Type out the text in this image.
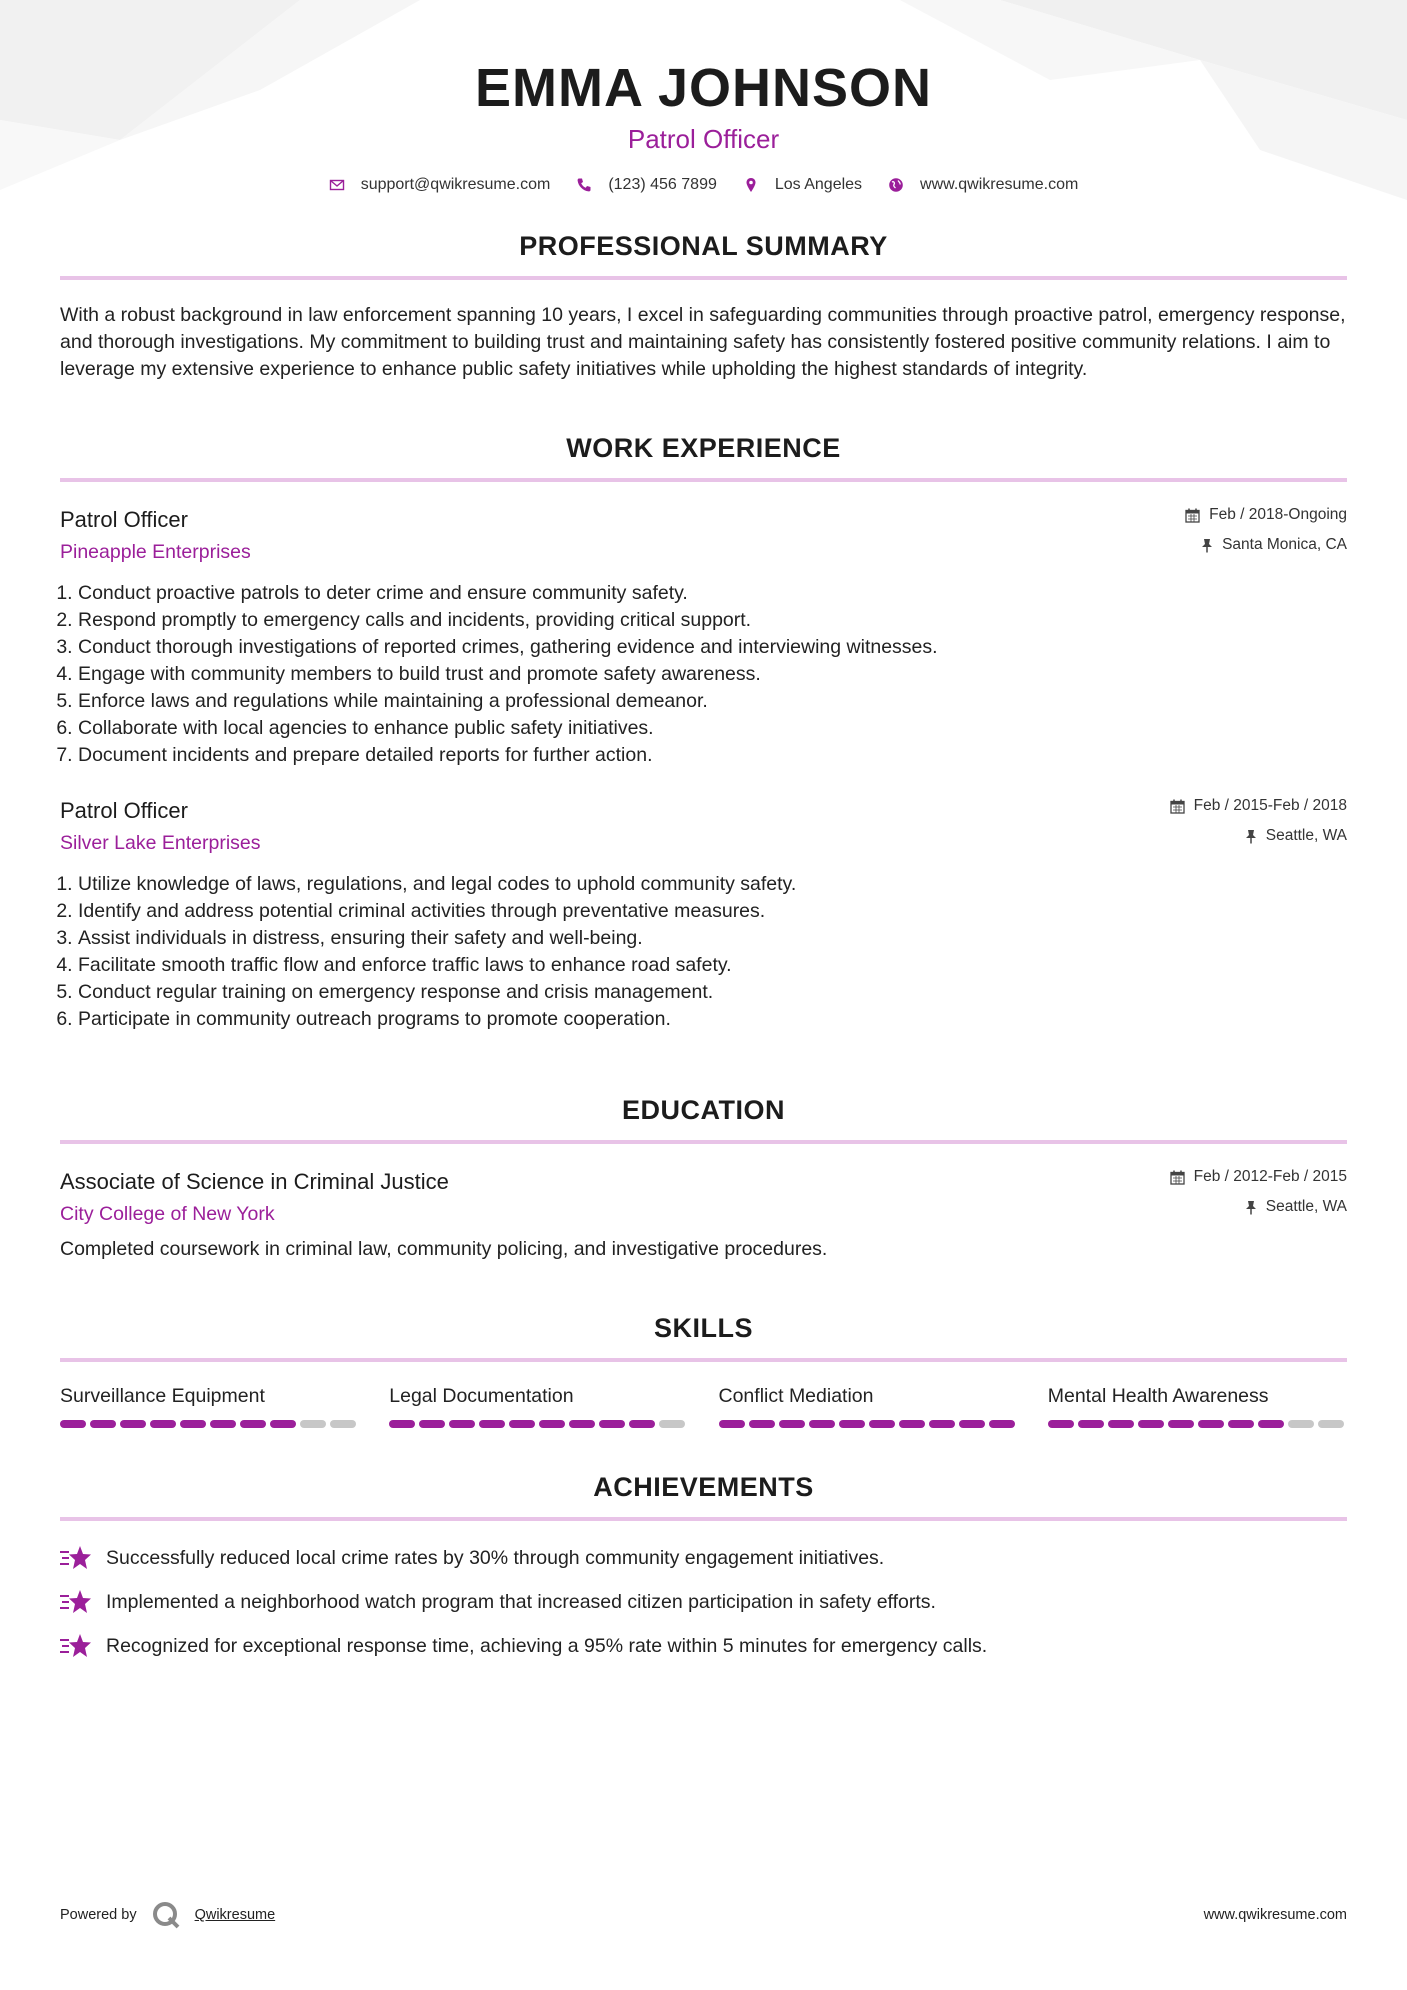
EMMA JOHNSON
Patrol Officer
support@qwikresume.com	(123) 456 7899	Los Angeles	www.qwikresume.com
PROFESSIONAL SUMMARY

With a robust background in law enforcement spanning 10 years, I excel in safeguarding communities through proactive patrol, emergency response, and thorough investigations. My commitment to building trust and maintaining safety has consistently fostered positive community relations. I aim to leverage my extensive experience to enhance public safety initiatives while upholding the highest standards of integrity.

WORK EXPERIENCE
Patrol Officer
Pineapple Enterprises
Feb / 2018-Ongoing
Santa Monica, CA
1. Conduct proactive patrols to deter crime and ensure community safety.
2. Respond promptly to emergency calls and incidents, providing critical support.
3. Conduct thorough investigations of reported crimes, gathering evidence and interviewing witnesses.
4. Engage with community members to build trust and promote safety awareness.
5. Enforce laws and regulations while maintaining a professional demeanor.
6. Collaborate with local agencies to enhance public safety initiatives.
7. Document incidents and prepare detailed reports for further action.
Patrol Officer
Silver Lake Enterprises
Feb / 2015-Feb / 2018
Seattle, WA
1. Utilize knowledge of laws, regulations, and legal codes to uphold community safety.
2. Identify and address potential criminal activities through preventative measures.
3. Assist individuals in distress, ensuring their safety and well-being.
4. Facilitate smooth traffic flow and enforce traffic laws to enhance road safety.
5. Conduct regular training on emergency response and crisis management.
6. Participate in community outreach programs to promote cooperation.
EDUCATION
Associate of Science in Criminal Justice
City College of New York
Feb / 2012-Feb / 2015
Seattle, WA
Completed coursework in criminal law, community policing, and investigative procedures.
SKILLS
Surveillance Equipment	Legal Documentation	Conflict Mediation	Mental Health Awareness
ACHIEVEMENTS
Successfully reduced local crime rates by 30% through community engagement initiatives.
Implemented a neighborhood watch program that increased citizen participation in safety efforts.
Recognized for exceptional response time, achieving a 95% rate within 5 minutes for emergency calls.
Powered by	Qwikresume	www.qwikresume.com
